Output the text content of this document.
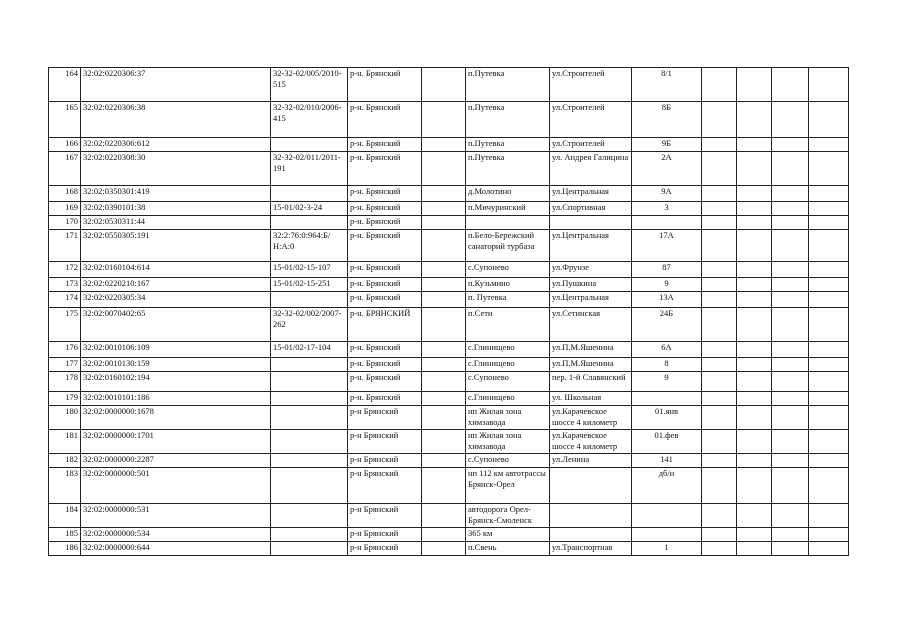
164	32:02:0220306:37	32-32-02/005/2010-515	р-н. Брянский		п.Путевка	ул.Строителей	8/1				
165	32:02:0220306:38	32-32-02/010/2006-415	р-н. Брянский		п.Путевка	ул.Строителей	8Б				
166	32:02:0220306:612		р-н. Брянский		п.Путевка	ул.Строителей	9Б				
167	32:02:0220308:30	32-32-02/011/2011-191	р-н. Брянский		п.Путевка	ул. Андрея Галицина	2А				
168	32:02:0350301:419		р-н. Брянский		д.Молотино	ул.Центральная	9А				
169	32:02:0390101:38	15-01/02-3-24	р-н. Брянский		п.Мичуринский	ул.Спортивная	3				
170	32:02:0530311:44		р-н. Брянский								
171	32:02:0550305:191	32:2:76:0:964:Б/Н:А:0	р-н. Брянский		п.Бело-Бережский санаторий турбаза	ул.Центральная	17А				
172	32:02:0160104:614	15-01/02-15-107	р-н. Брянский		с.Супонево	ул.Фрунзе	87				
173	32:02:0220210:167	15-01/02-15-251	р-н. Брянский		п.Кузьмино	ул.Пушкина	9				
174	32:02:0220305:34		р-н. Брянский		п. Путевка	ул.Центральная	13А				
175	32:02:0070402:65	32-32-02/002/2007-262	р-н. БРЯНСКИЙ		п.Сети	ул.Сетинская	24Б				
176	32:02:0010106:109	15-01/02-17-104	р-н. Брянский		с.Глинищево	ул.П.М.Яшенина	6А				
177	32:02:0010130:159		р-н. Брянский		с.Глинищево	ул.П.М.Яшенина	8				
178	32:02:0160102:194		р-н. Брянский		с.Супонево	пер. 1-й Славянский	9				
179	32:02:0010101:186		р-н. Брянский		с.Глинищево	ул. Школьная					
180	32:02:0000000:1678		р-н Брянский		нп Жилая зона химзавода	ул.Карачевское шоссе 4 километр	01.янв				
181	32:02:0000000:1701		р-н Брянский		нп Жилая зона химзавода	ул.Карачевское шоссе 4 километр	01.фев				
182	32:02:0000000:2287		р-н Брянский		с.Супонево	ул.Ленина	141				
183	32:02:0000000:501		р-н Брянский		нп 112 км автотрассы Брянск-Орел		дб/н				
184	32:02:0000000:531		р-н Брянский		автодорога Орел-Брянск-Смоленск						
185	32:02:0000000:534		р-н Брянский		365 км						
186	32:02:0000000:644		р-н Брянский		п.Свень	ул.Транспортная	1				
